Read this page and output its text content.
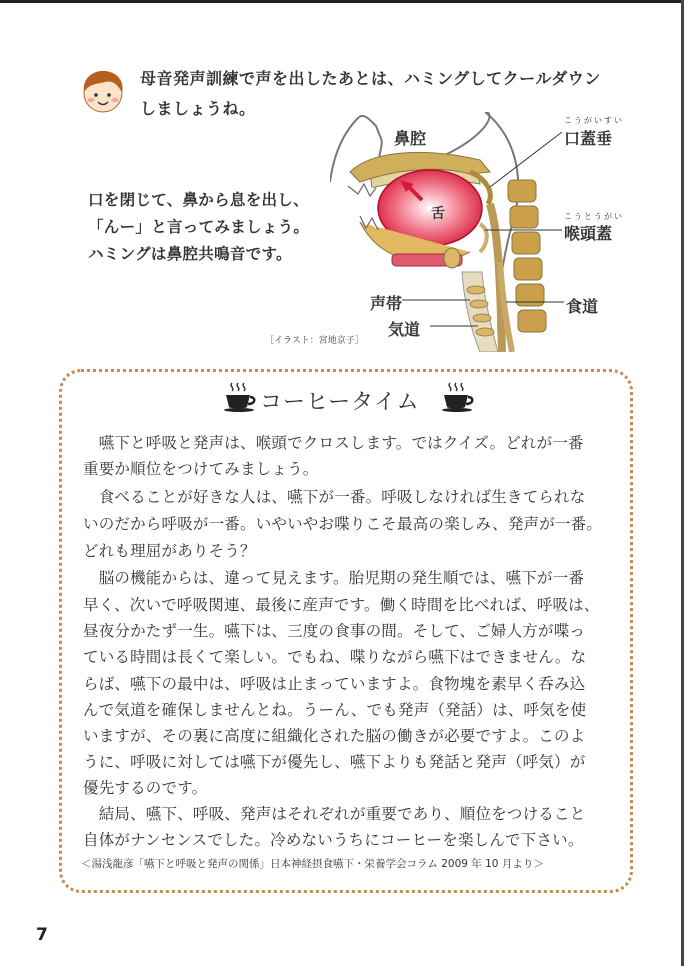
母音発声訓練で声を出したあとは、ハミングしてクールダウン
しましょうね。
口を閉じて、鼻から息を出し、
「んー」と言ってみましょう。
ハミングは鼻腔共鳴音です。
鼻腔
舌
こうがいすい
口蓋垂
こうとうがい
喉頭蓋
声帯	食道
気道
［イラスト：宮地京子］
コーヒータイム
　嚥下と呼吸と発声は、喉頭でクロスします。ではクイズ。どれが一番
重要か順位をつけてみましょう。
　食べることが好きな人は、嚥下が一番。呼吸しなければ生きてられな
いのだから呼吸が一番。いやいやお喋りこそ最高の楽しみ、発声が一番。
どれも理屈がありそう？
　脳の機能からは、違って見えます。胎児期の発生順では、嚥下が一番
早く、次いで呼吸関連、最後に産声です。働く時間を比べれば、呼吸は、
昼夜分かたず一生。嚥下は、三度の食事の間。そして、ご婦人方が喋っ
ている時間は長くて楽しい。でもね、喋りながら嚥下はできません。な
らば、嚥下の最中は、呼吸は止まっていますよ。食物塊を素早く呑み込
んで気道を確保しませんとね。うーん、でも発声（発話）は、呼気を使
いますが、その裏に高度に組織化された脳の働きが必要ですよ。このよ
うに、呼吸に対しては嚥下が優先し、嚥下よりも発話と発声（呼気）が
優先するのです。
　結局、嚥下、呼吸、発声はそれぞれが重要であり、順位をつけること
自体がナンセンスでした。冷めないうちにコーヒーを楽しんで下さい。
＜湯浅龍彦「嚥下と呼吸と発声の関係」日本神経摂食嚥下・栄養学会コラム 2009 年 10 月より＞
7
